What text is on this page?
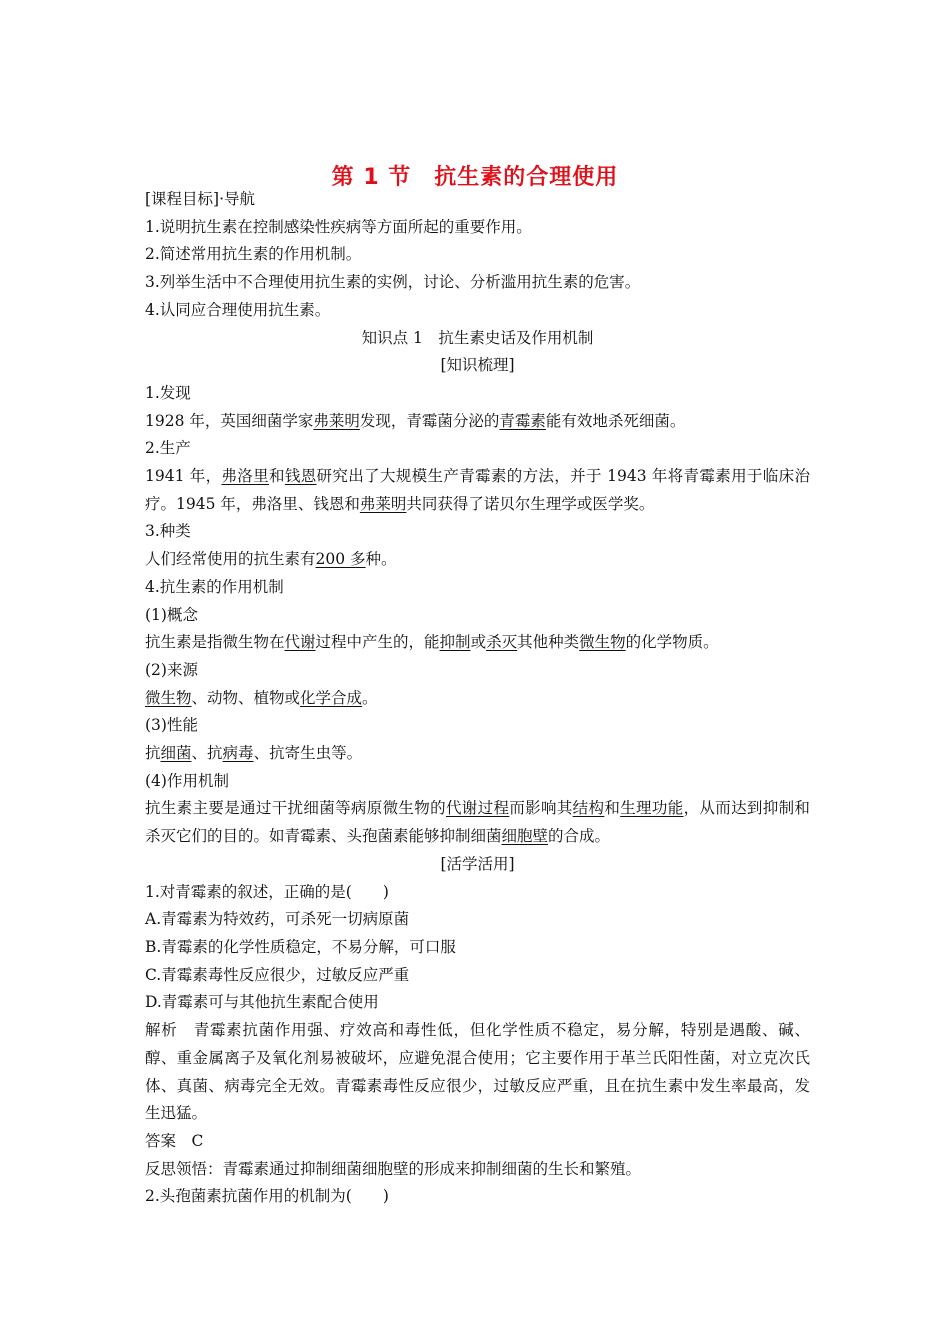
第 1 节　抗生素的合理使用
[课程目标]·导航
1.说明抗生素在控制感染性疾病等方面所起的重要作用。
2.简述常用抗生素的作用机制。
3.列举生活中不合理使用抗生素的实例，讨论、分析滥用抗生素的危害。
4.认同应合理使用抗生素。
知识点 1　抗生素史话及作用机制
[知识梳理]
1.发现
1928 年，英国细菌学家弗莱明发现，青霉菌分泌的青霉素能有效地杀死细菌。
2.生产
1941 年，弗洛里和钱恩研究出了大规模生产青霉素的方法，并于 1943 年将青霉素用于临床治疗。1945 年，弗洛里、钱恩和弗莱明共同获得了诺贝尔生理学或医学奖。
3.种类
人们经常使用的抗生素有200 多种。
4.抗生素的作用机制
(1)概念
抗生素是指微生物在代谢过程中产生的，能抑制或杀灭其他种类微生物的化学物质。
(2)来源
微生物、动物、植物或化学合成。
(3)性能
抗细菌、抗病毒、抗寄生虫等。
(4)作用机制
抗生素主要是通过干扰细菌等病原微生物的代谢过程而影响其结构和生理功能，从而达到抑制和杀灭它们的目的。如青霉素、头孢菌素能够抑制细菌细胞壁的合成。
[活学活用]
1.对青霉素的叙述，正确的是(　　)
A.青霉素为特效药，可杀死一切病原菌
B.青霉素的化学性质稳定，不易分解，可口服
C.青霉素毒性反应很少，过敏反应严重
D.青霉素可与其他抗生素配合使用
解析　青霉素抗菌作用强、疗效高和毒性低，但化学性质不稳定，易分解，特别是遇酸、碱、醇、重金属离子及氧化剂易被破坏，应避免混合使用；它主要作用于革兰氏阳性菌，对立克次氏体、真菌、病毒完全无效。青霉素毒性反应很少，过敏反应严重，且在抗生素中发生率最高，发生迅猛。
答案　C
反思领悟：青霉素通过抑制细菌细胞壁的形成来抑制细菌的生长和繁殖。
2.头孢菌素抗菌作用的机制为(　　)
